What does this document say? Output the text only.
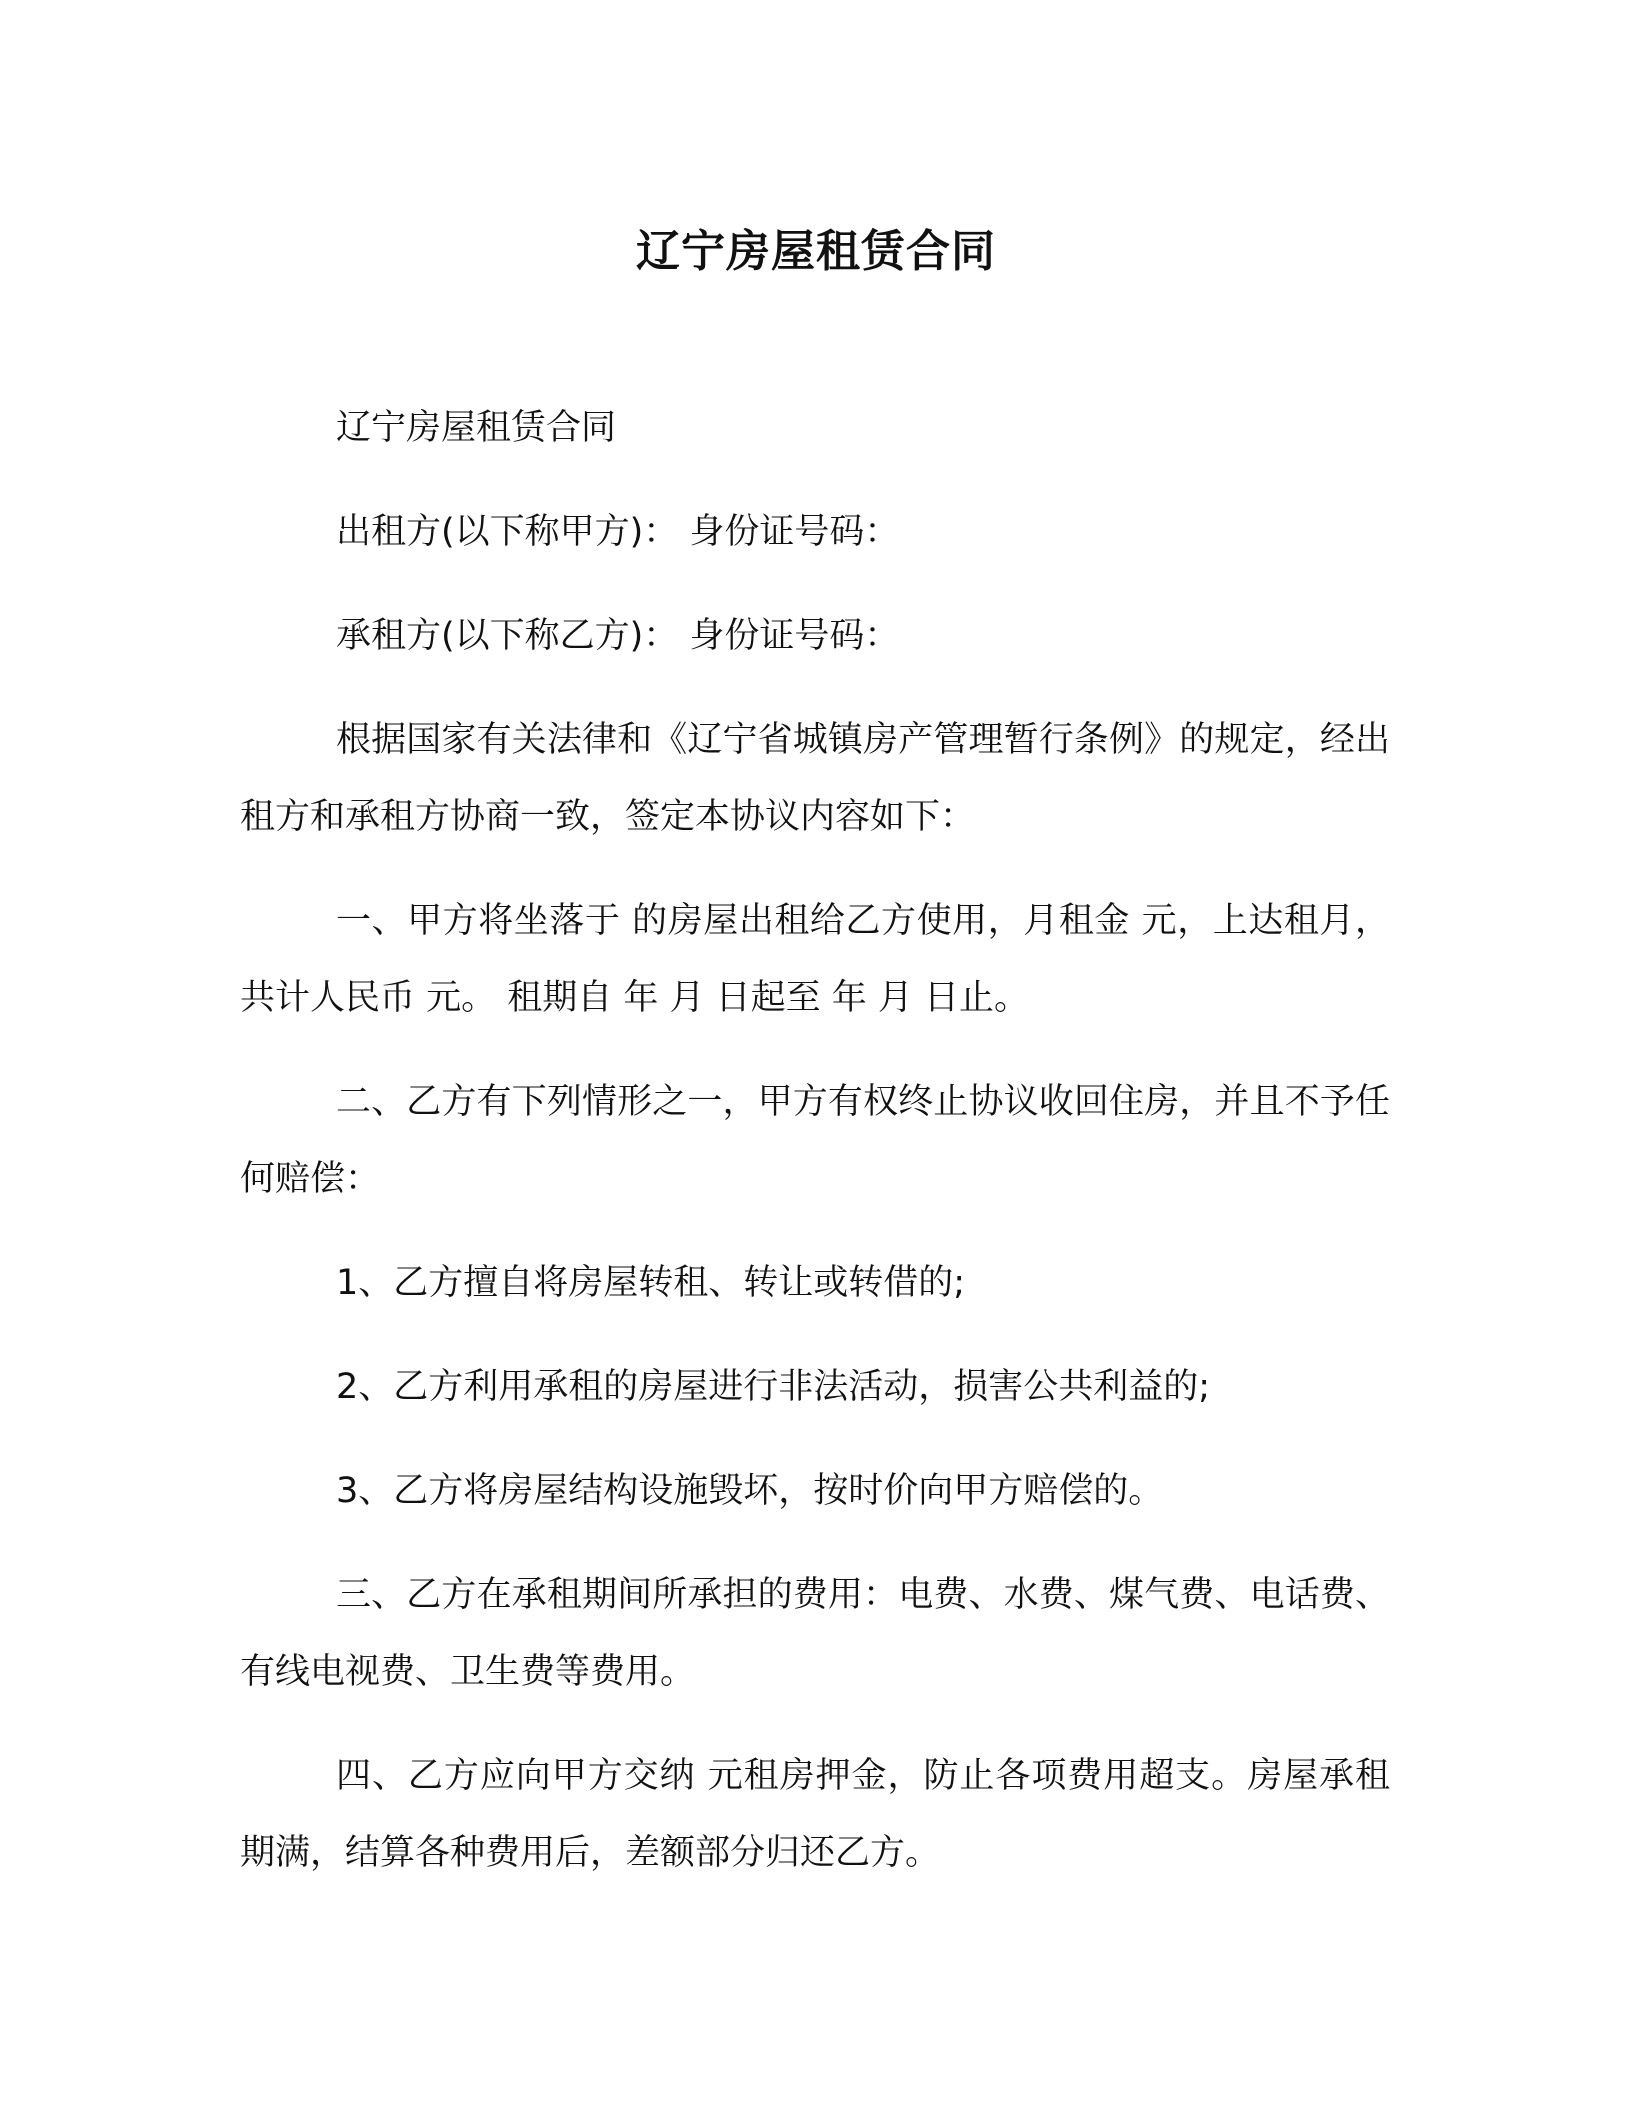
辽宁房屋租赁合同

辽宁房屋租赁合同

出租方(以下称甲方)： 身份证号码：

承租方(以下称乙方)： 身份证号码：

根据国家有关法律和《辽宁省城镇房产管理暂行条例》的规定，经出租方和承租方协商一致，签定本协议内容如下：

一、甲方将坐落于 的房屋出租给乙方使用，月租金 元，上达租月，共计人民币 元。 租期自 年 月 日起至 年 月 日止。

二、乙方有下列情形之一，甲方有权终止协议收回住房，并且不予任何赔偿：

1、乙方擅自将房屋转租、转让或转借的;

2、乙方利用承租的房屋进行非法活动，损害公共利益的;

3、乙方将房屋结构设施毁坏，按时价向甲方赔偿的。

三、乙方在承租期间所承担的费用：电费、水费、煤气费、电话费、有线电视费、卫生费等费用。

四、乙方应向甲方交纳 元租房押金，防止各项费用超支。房屋承租期满，结算各种费用后，差额部分归还乙方。
